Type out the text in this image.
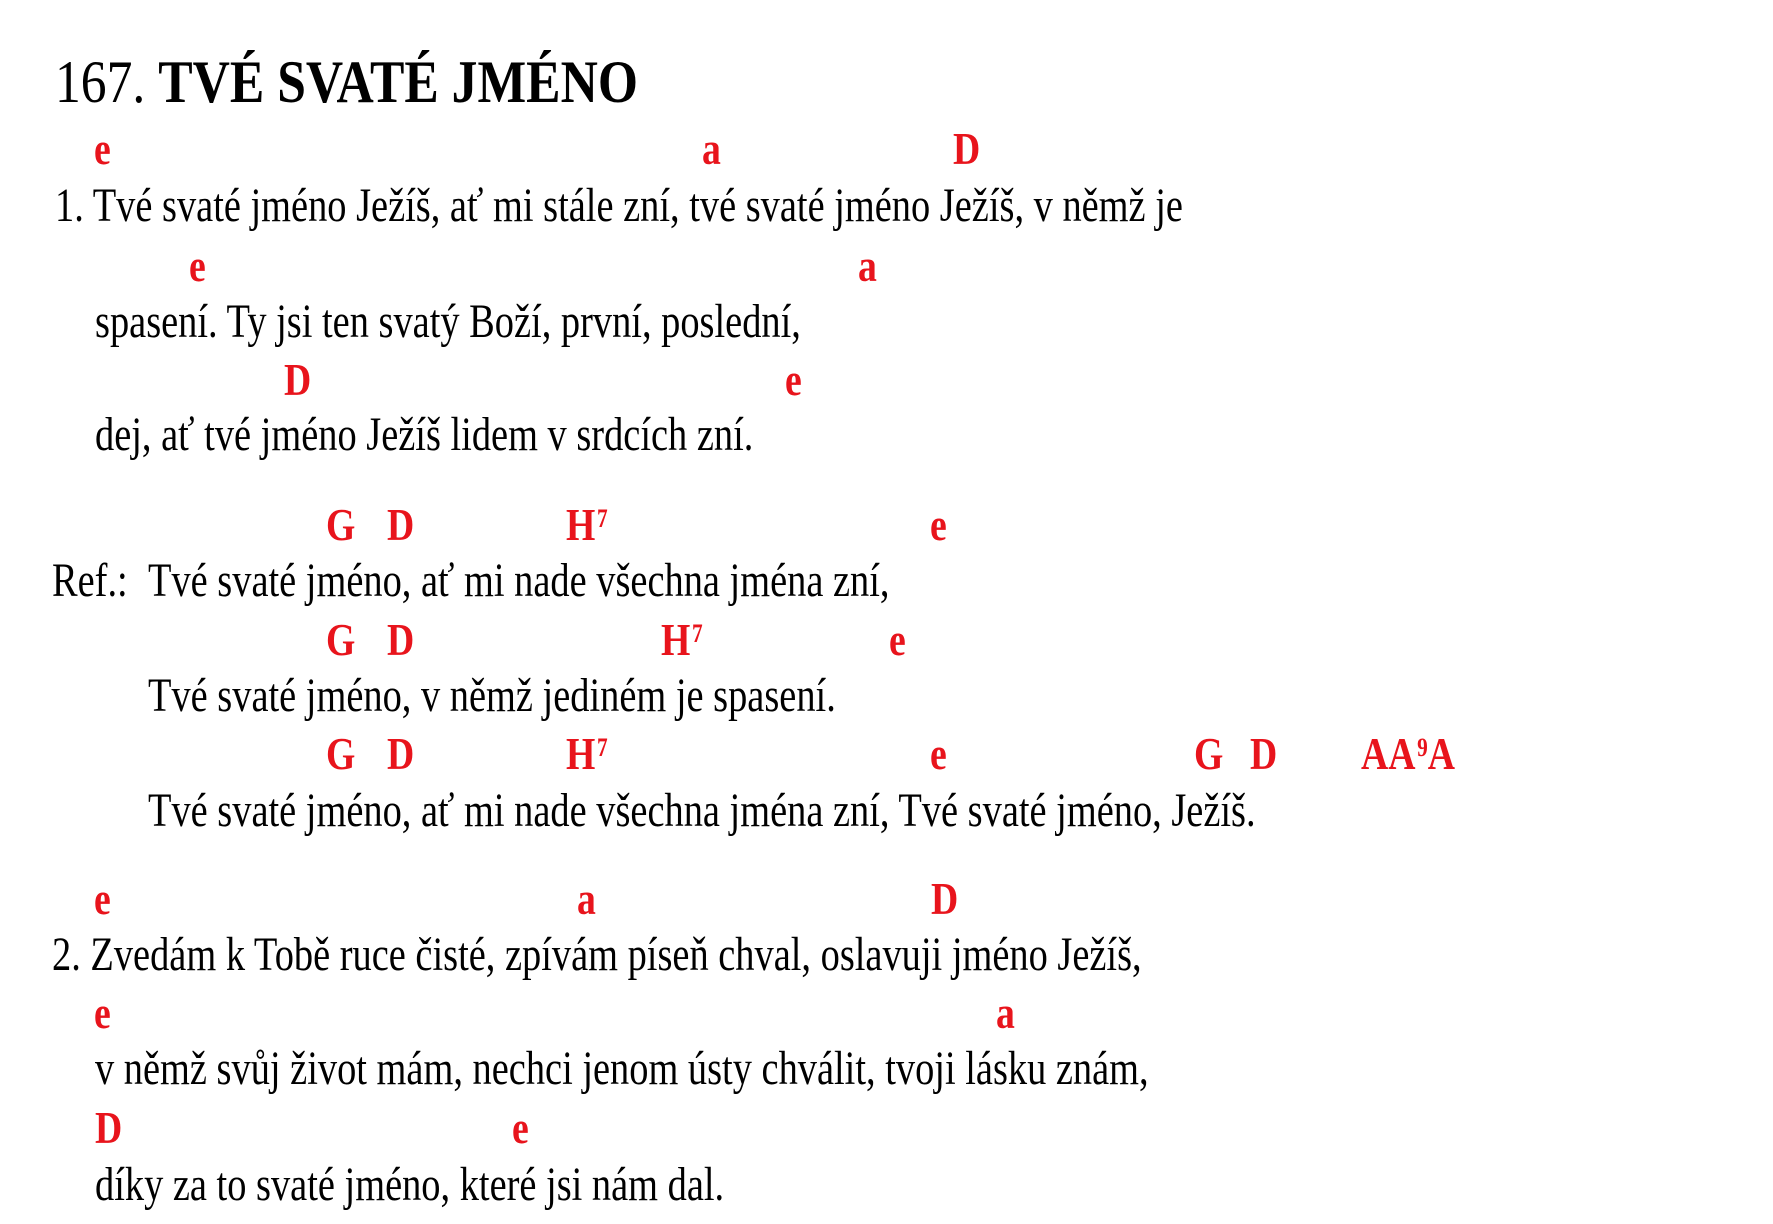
167. TVÉ SVATÉ JMÉNO
e	a	D
1. Tvé svaté jméno Ježíš, ať mi stále zní, tvé svaté jméno Ježíš, v němž je
e	a
spasení. Ty jsi ten svatý Boží, první, poslední,
D	e
dej, ať tvé jméno Ježíš lidem v srdcích zní.
G D	$H^7$	e
Ref.: Tvé svaté jméno, ať mi nade všechna jména zní,
G D	$H^7$	e
Tvé svaté jméno, v němž jediném je spasení.
G D	$H^7$	e	G D $AA^9A$
Tvé svaté jméno, ať mi nade všechna jména zní, Tvé svaté jméno, Ježíš.
e	a	D
2. Zvedám k Tobě ruce čisté, zpívám píseň chval, oslavuji jméno Ježíš,
e	a
v němž svůj život mám, nechci jenom ústy chválit, tvoji lásku znám,
D	e
díky za to svaté jméno, které jsi nám dal.
